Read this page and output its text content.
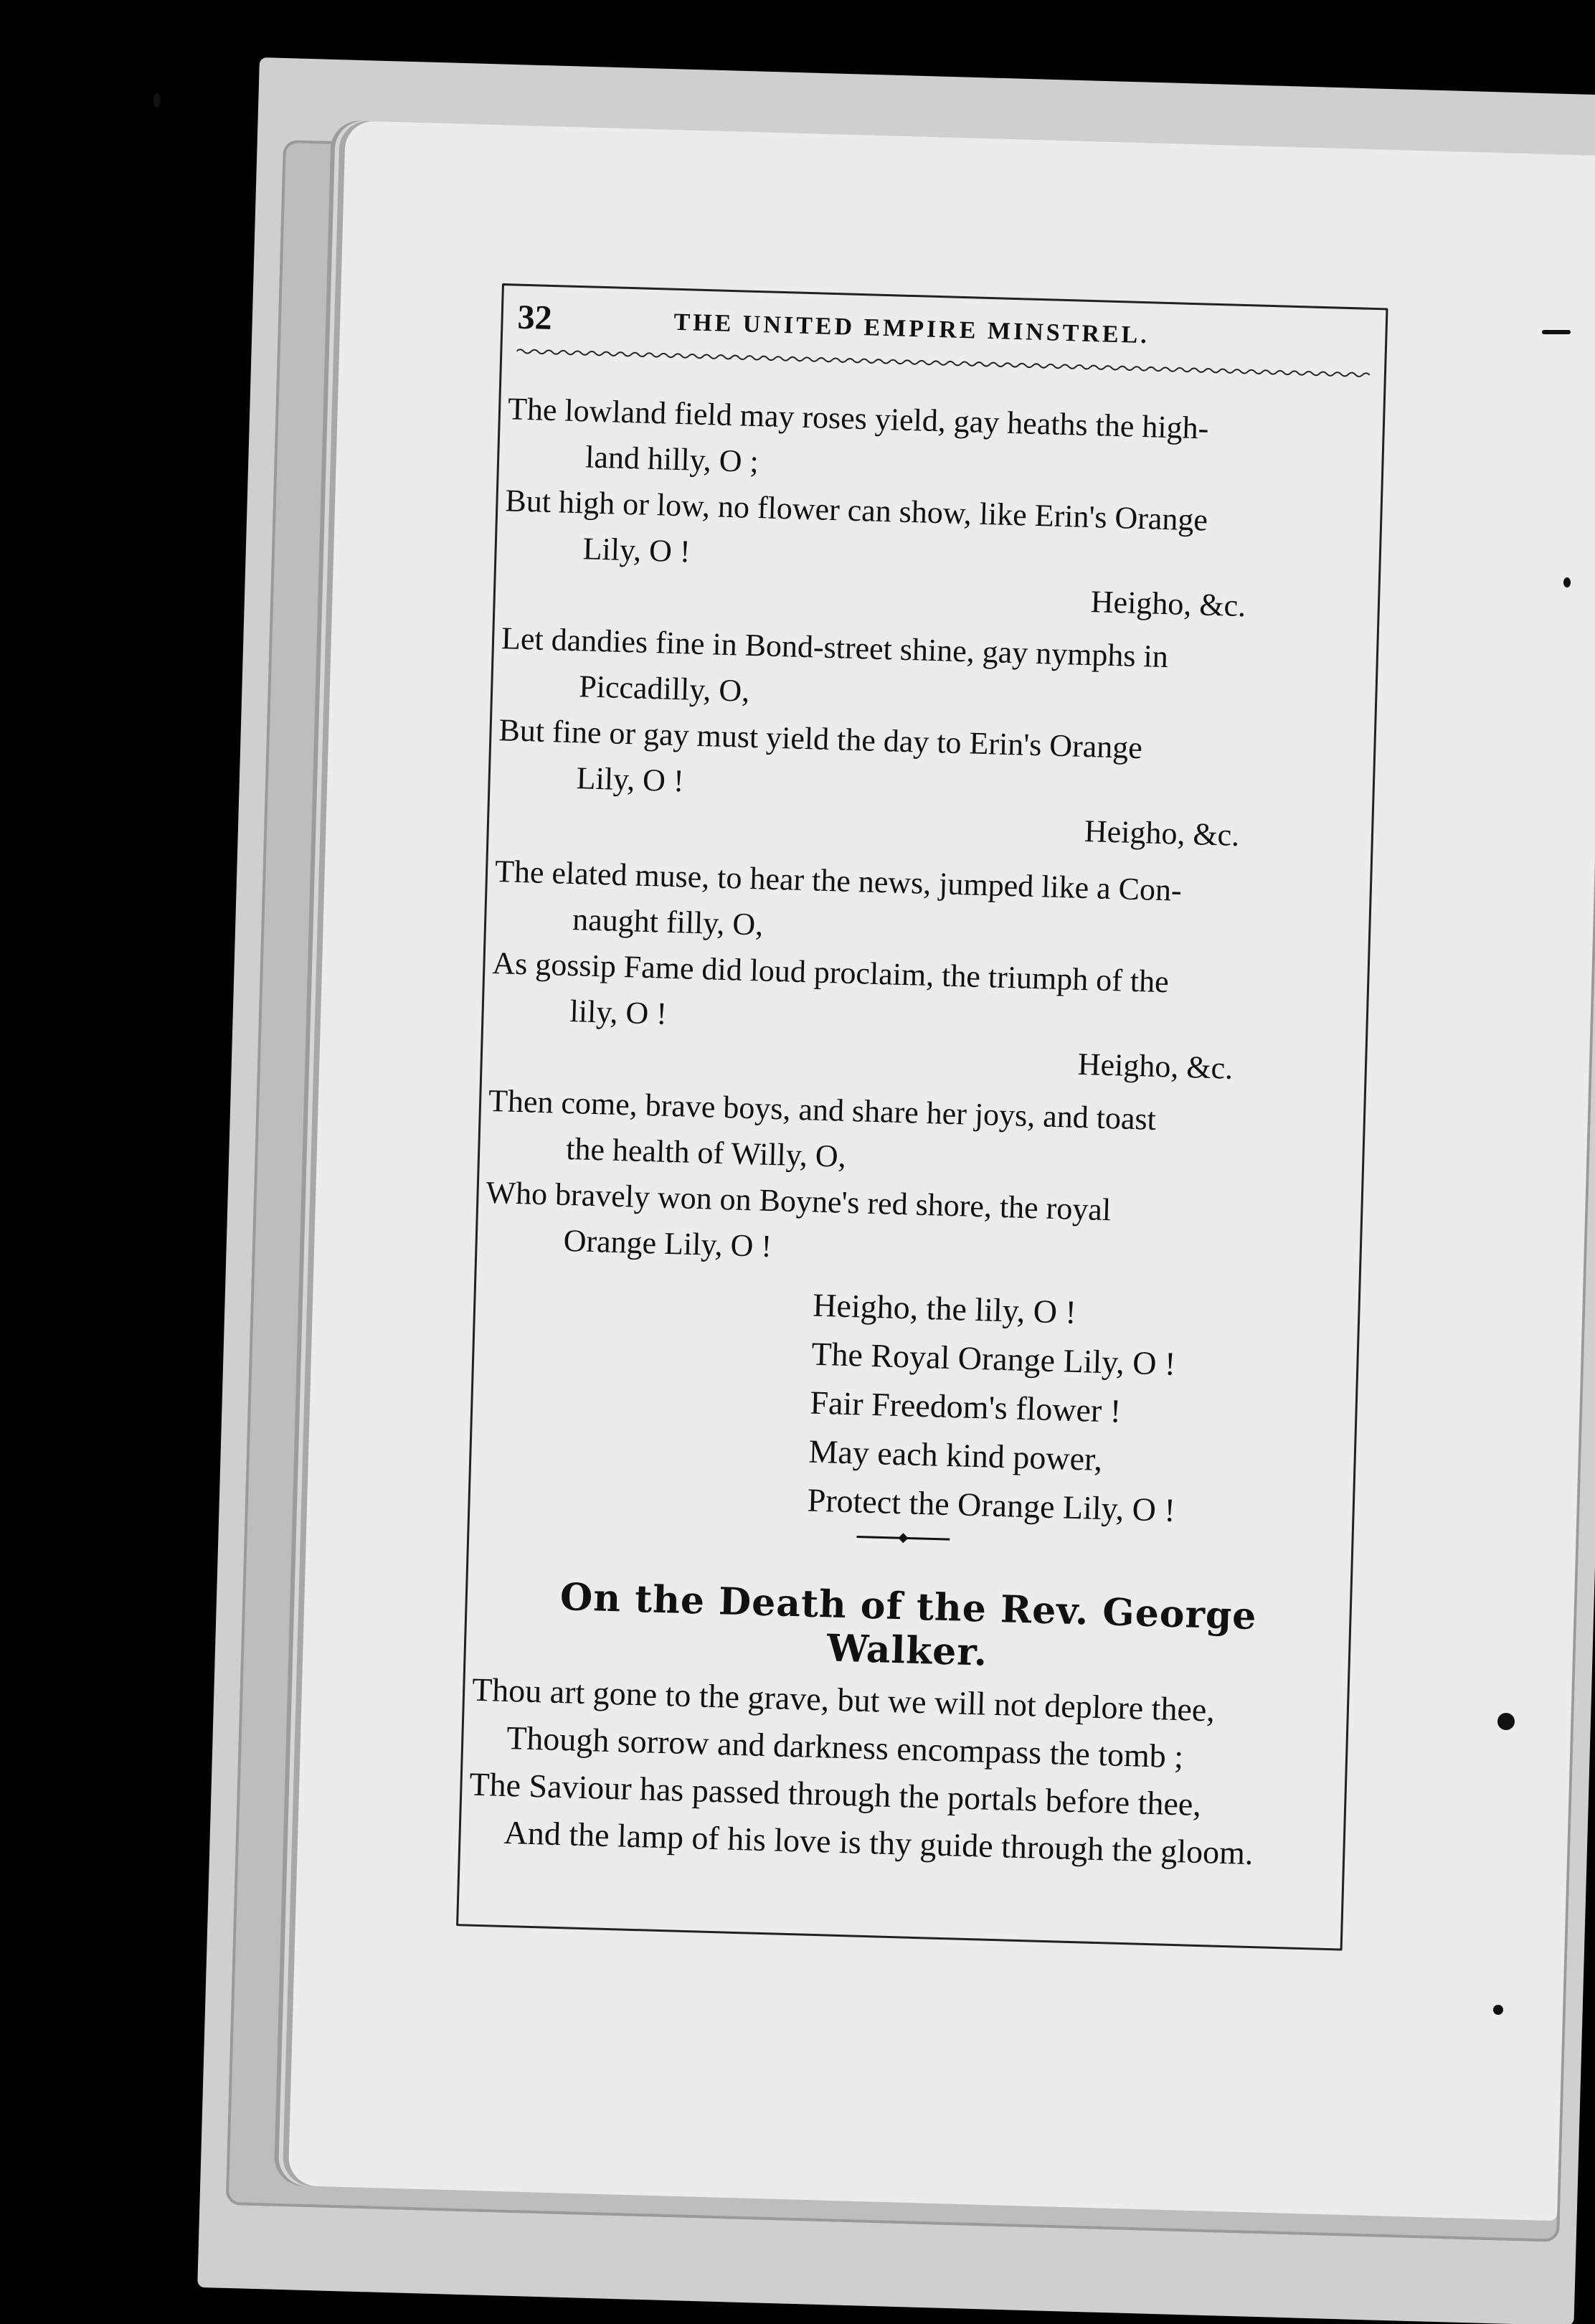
32	THE UNITED EMPIRE MINSTREL.
The lowland field may roses yield, gay heaths the high-
land hilly, O ;
But high or low, no flower can show, like Erin's Orange
Lily, O !
Heigho, &c.
Let dandies fine in Bond-street shine, gay nymphs in
Piccadilly, O,
But fine or gay must yield the day to Erin's Orange
Lily, O !
Heigho, &c.
The elated muse, to hear the news, jumped like a Con-
naught filly, O,
As gossip Fame did loud proclaim, the triumph of the
lily, O !
Heigho, &c.
Then come, brave boys, and share her joys, and toast
the health of Willy, O,
Who bravely won on Boyne's red shore, the royal
Orange Lily, O !
Heigho, the lily, O !
The Royal Orange Lily, O !
Fair Freedom's flower !
May each kind power,
Protect the Orange Lily, O !
On the Death of the Rev. George Walker.
Thou art gone to the grave, but we will not deplore thee,
Though sorrow and darkness encompass the tomb ;
The Saviour has passed through the portals before thee,
And the lamp of his love is thy guide through the gloom.
